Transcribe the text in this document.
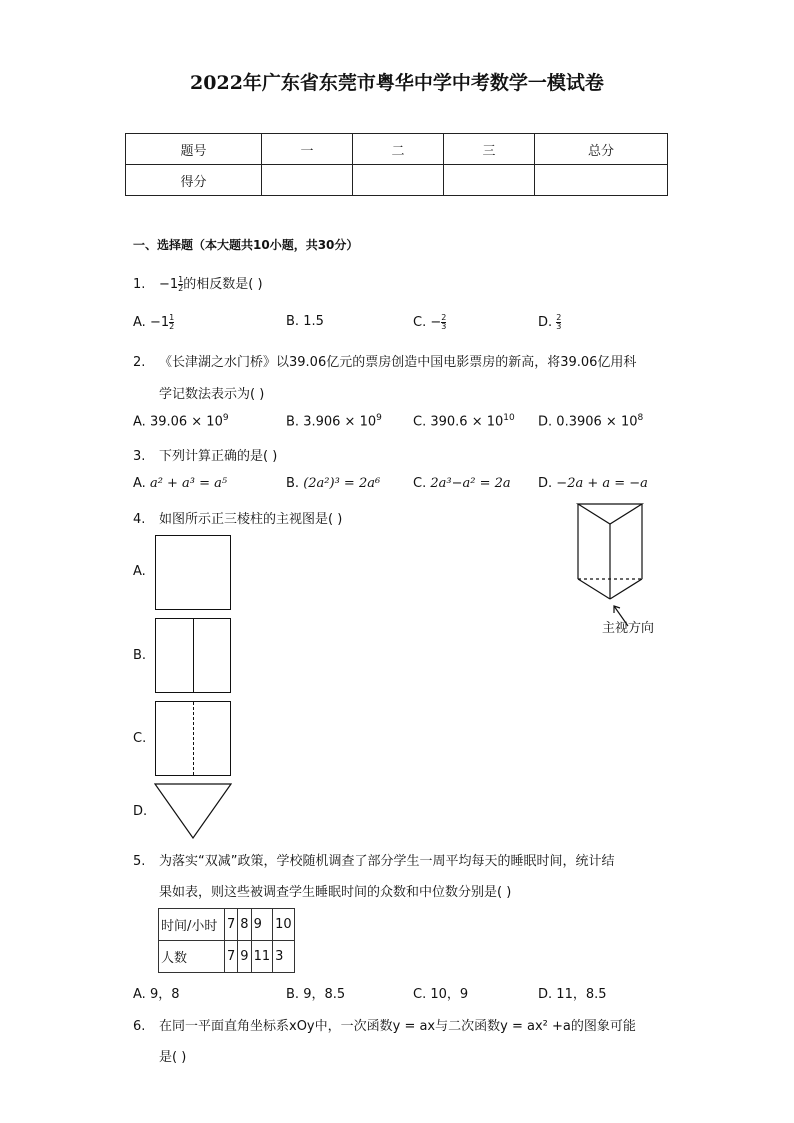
2022年广东省东莞市粤华中学中考数学一模试卷
题号	一	二	三	总分
得分				
一、选择题（本大题共10小题，共30分）
1. $-1 \frac{1}{2}$ 的相反数是( )
A. $-1 \frac{1}{2}$	B. 1.5	C. − $\frac{2}{3}$	D. $\frac{2}{3}$
2. 《长津湖之水门桥》以39.06亿元的票房创造中国电影票房的新高，将39.06亿用科
学记数法表示为( )
A. $39.06 \times 10^9$	B. $3.906 \times 10^9$ C. $390.6 \times 10^{10}$ D. $0.3906 \times 10^8$
3. 下列计算正确的是( )
A. a² + a³ = a⁵	B. (2a²)³ = 2a⁶	C. 2a³−a² = 2a D. −2a + a = −a
4. 如图所示正三棱柱的主视图是( )
主视方向
A.
B.
C.
D.
5. 为落实“双减”政策，学校随机调查了部分学生一周平均每天的睡眠时间，统计结
果如表，则这些被调查学生睡眠时间的众数和中位数分别是( )
时间/小时	7	8	9	10
人数	7	9	11	3
A. 9，8	B. 9，8.5	C. 10，9	D. 11，8.5
6. 在同一平面直角坐标系xOy中，一次函数y = ax与二次函数y = ax² +a的图象可能
是( )
